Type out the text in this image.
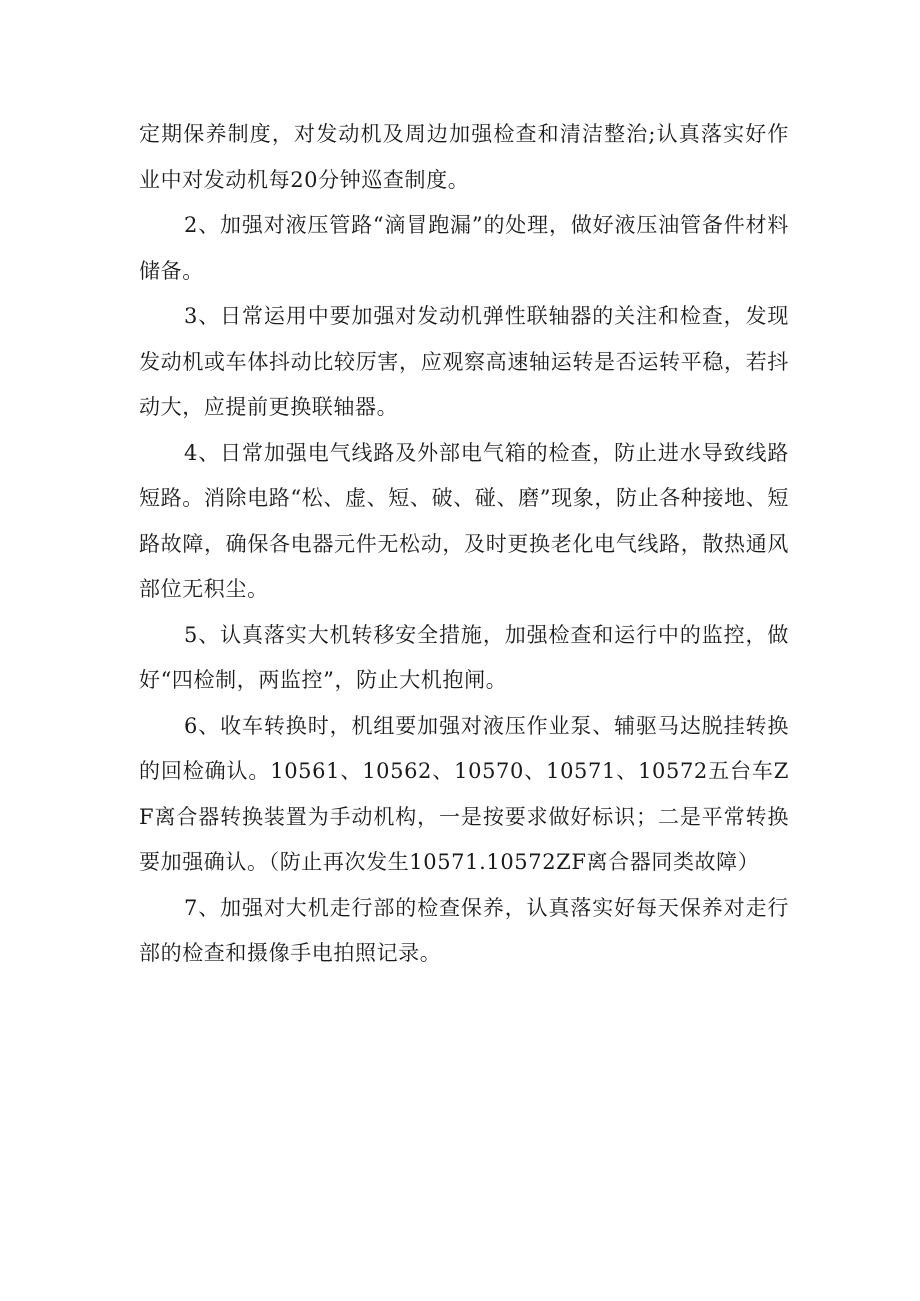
定期保养制度，对发动机及周边加强检查和清洁整治;认真落实好作业中对发动机每20分钟巡查制度。

2、加强对液压管路“滴冒跑漏”的处理，做好液压油管备件材料储备。

3、日常运用中要加强对发动机弹性联轴器的关注和检查，发现发动机或车体抖动比较厉害，应观察高速轴运转是否运转平稳，若抖动大，应提前更换联轴器。

4、日常加强电气线路及外部电气箱的检查，防止进水导致线路短路。消除电路“松、虚、短、破、碰、磨”现象，防止各种接地、短路故障，确保各电器元件无松动，及时更换老化电气线路，散热通风部位无积尘。

5、认真落实大机转移安全措施，加强检查和运行中的监控，做好“四检制，两监控”，防止大机抱闸。

6、收车转换时，机组要加强对液压作业泵、辅驱马达脱挂转换的回检确认。10561、10562、10570、10571、10572五台车ZF离合器转换装置为手动机构，一是按要求做好标识；二是平常转换要加强确认。（防止再次发生10571.10572ZF离合器同类故障）

7、加强对大机走行部的检查保养，认真落实好每天保养对走行部的检查和摄像手电拍照记录。
